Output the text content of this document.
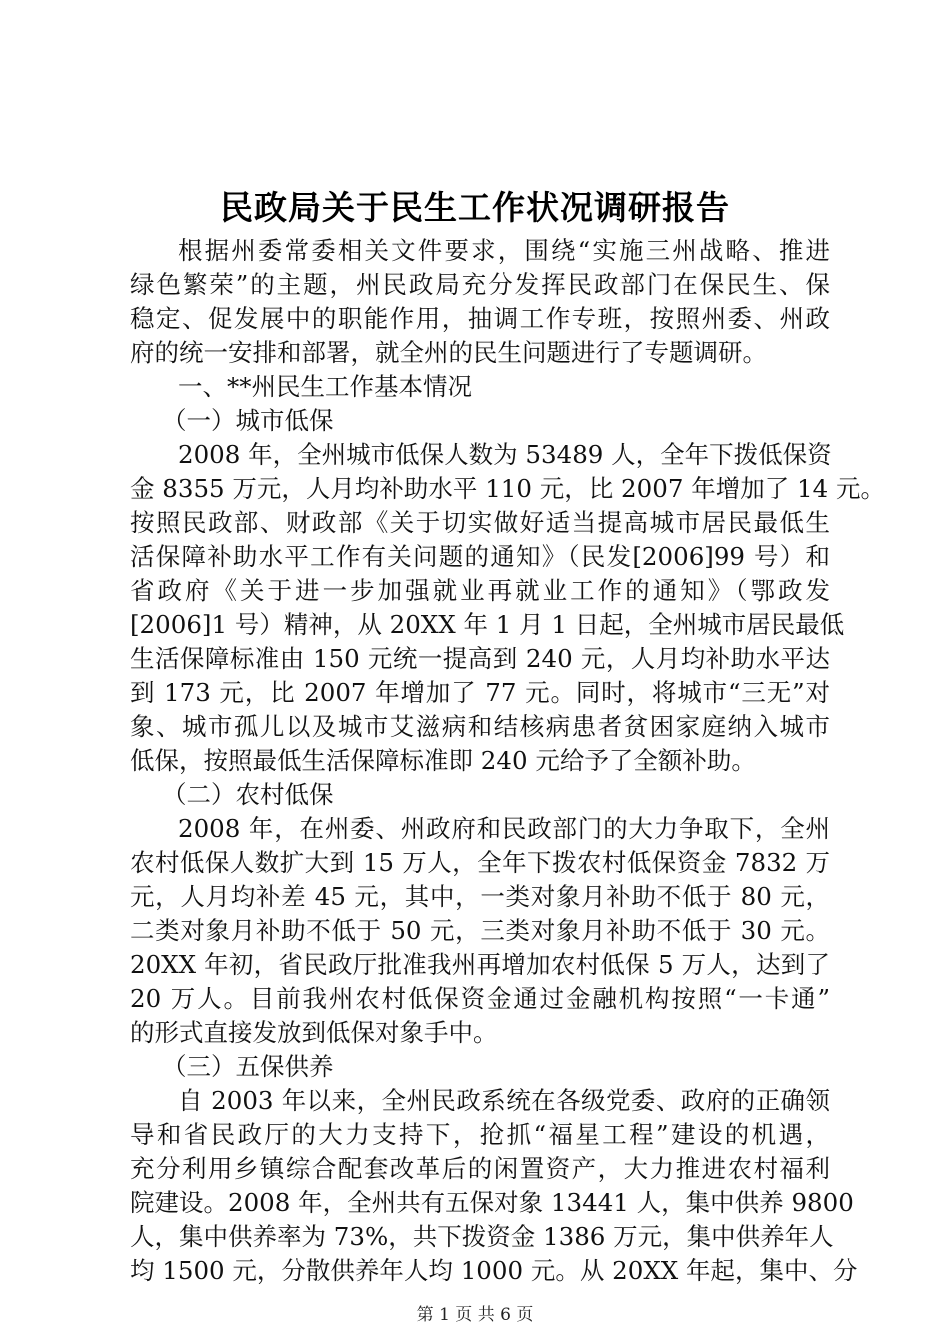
民政局关于民生工作状况调研报告
根据州委常委相关文件要求，围绕“实施三州战略、推进
绿色繁荣”的主题，州民政局充分发挥民政部门在保民生、保
稳定、促发展中的职能作用，抽调工作专班，按照州委、州政
府的统一安排和部署，就全州的民生问题进行了专题调研。
一、**州民生工作基本情况
（一）城市低保
2008 年，全州城市低保人数为 53489 人，全年下拨低保资
金 8355 万元，人月均补助水平 110 元，比 2007 年增加了 14 元。
按照民政部、财政部《关于切实做好适当提高城市居民最低生
活保障补助水平工作有关问题的通知》（民发[2006]99 号）和
省政府《关于进一步加强就业再就业工作的通知》（鄂政发
[2006]1 号）精神，从 20XX 年 1 月 1 日起，全州城市居民最低
生活保障标准由 150 元统一提高到 240 元，人月均补助水平达
到 173 元，比 2007 年增加了 77 元。同时，将城市“三无”对
象、城市孤儿以及城市艾滋病和结核病患者贫困家庭纳入城市
低保，按照最低生活保障标准即 240 元给予了全额补助。
（二）农村低保
2008 年，在州委、州政府和民政部门的大力争取下，全州
农村低保人数扩大到 15 万人，全年下拨农村低保资金 7832 万
元，人月均补差 45 元，其中，一类对象月补助不低于 80 元，
二类对象月补助不低于 50 元，三类对象月补助不低于 30 元。
20XX 年初，省民政厅批准我州再增加农村低保 5 万人，达到了
20 万人。目前我州农村低保资金通过金融机构按照“一卡通”
的形式直接发放到低保对象手中。
（三）五保供养
自 2003 年以来，全州民政系统在各级党委、政府的正确领
导和省民政厅的大力支持下，抢抓“福星工程”建设的机遇，
充分利用乡镇综合配套改革后的闲置资产，大力推进农村福利
院建设。2008 年，全州共有五保对象 13441 人，集中供养 9800
人，集中供养率为 73%，共下拨资金 1386 万元，集中供养年人
均 1500 元，分散供养年人均 1000 元。从 20XX 年起，集中、分
第 1 页 共 6 页
